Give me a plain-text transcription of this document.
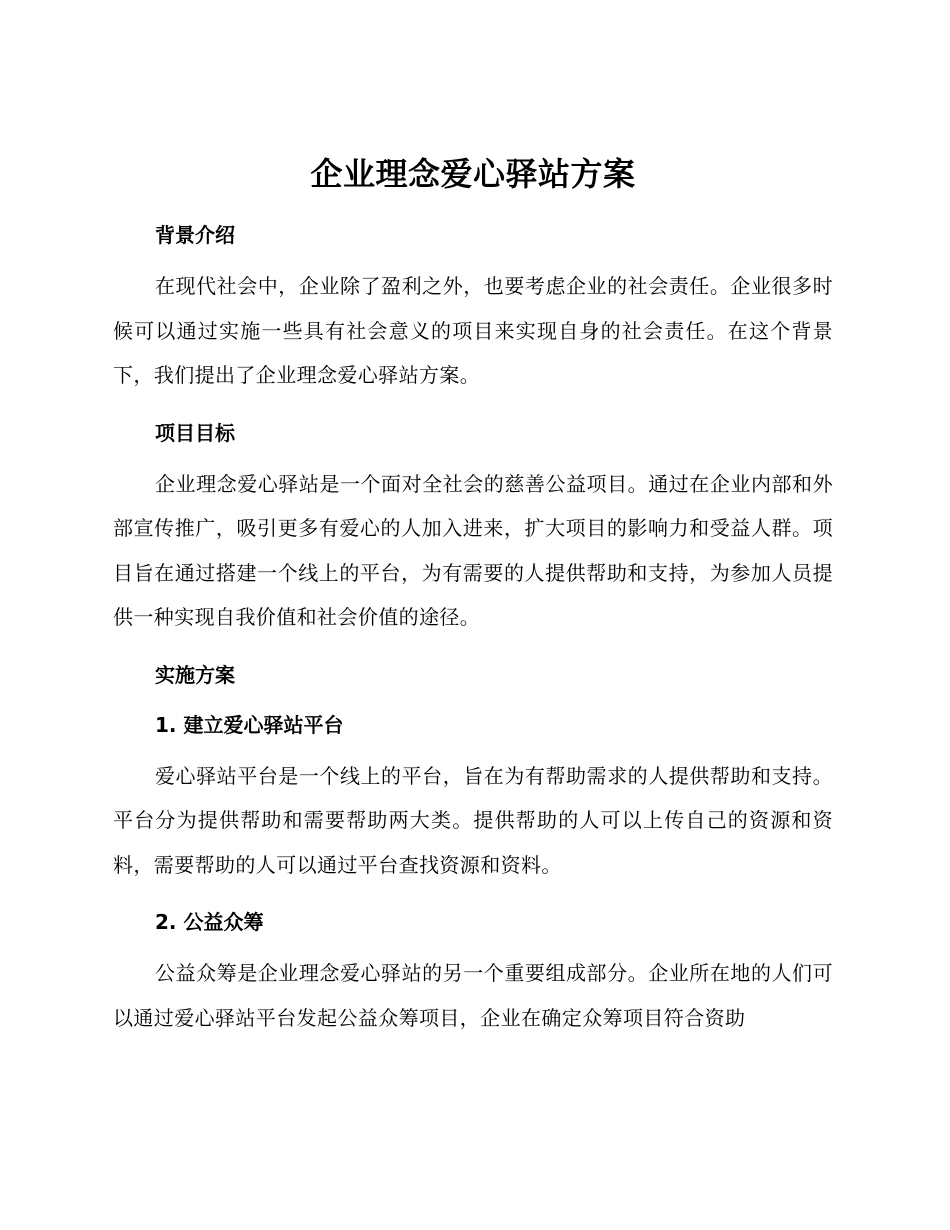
企业理念爱心驿站方案
背景介绍

在现代社会中，企业除了盈利之外，也要考虑企业的社会责任。企业很多时候可以通过实施一些具有社会意义的项目来实现自身的社会责任。在这个背景下，我们提出了企业理念爱心驿站方案。

项目目标

企业理念爱心驿站是一个面对全社会的慈善公益项目。通过在企业内部和外部宣传推广，吸引更多有爱心的人加入进来，扩大项目的影响力和受益人群。项目旨在通过搭建一个线上的平台，为有需要的人提供帮助和支持，为参加人员提供一种实现自我价值和社会价值的途径。

实施方案
1. 建立爱心驿站平台

爱心驿站平台是一个线上的平台，旨在为有帮助需求的人提供帮助和支持。平台分为提供帮助和需要帮助两大类。提供帮助的人可以上传自己的资源和资料，需要帮助的人可以通过平台查找资源和资料。

2. 公益众筹

公益众筹是企业理念爱心驿站的另一个重要组成部分。企业所在地的人们可以通过爱心驿站平台发起公益众筹项目，企业在确定众筹项目符合资助
